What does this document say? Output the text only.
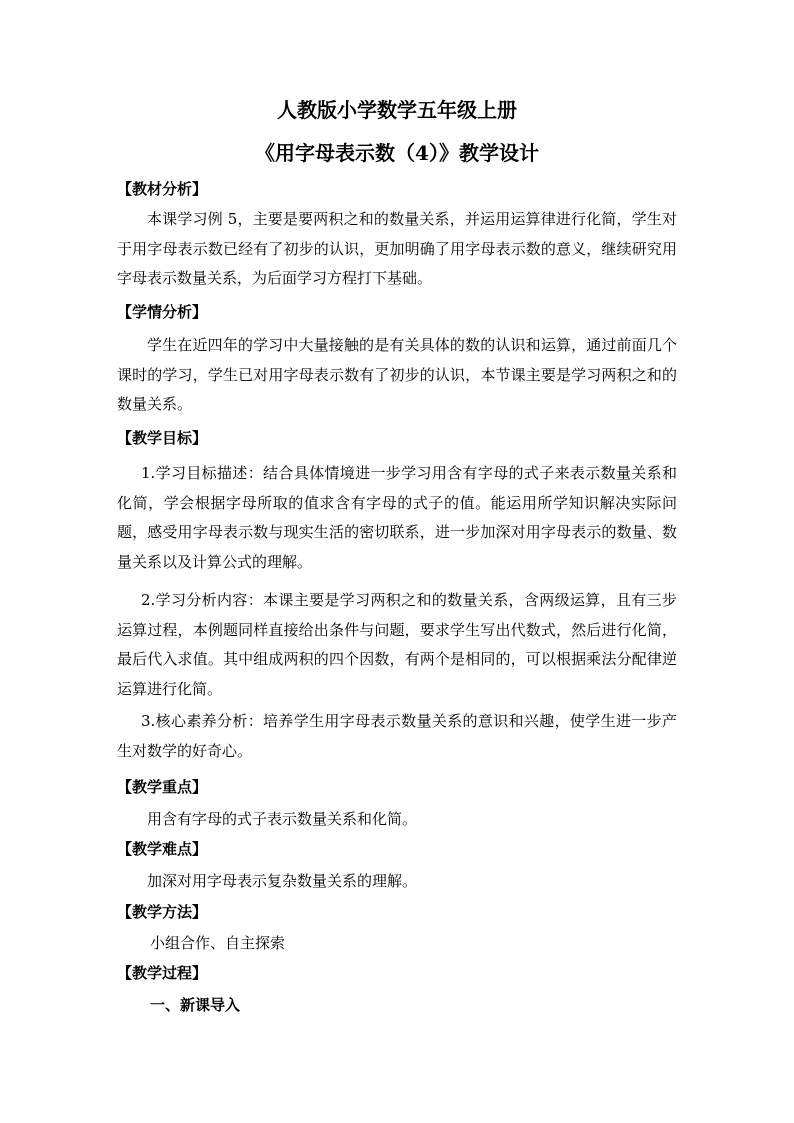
人教版小学数学五年级上册
《用字母表示数（4）》教学设计
【教材分析】

本课学习例 5，主要是要两积之和的数量关系，并运用运算律进行化简，学生对于用字母表示数已经有了初步的认识，更加明确了用字母表示数的意义，继续研究用字母表示数量关系，为后面学习方程打下基础。

【学情分析】

学生在近四年的学习中大量接触的是有关具体的数的认识和运算，通过前面几个课时的学习，学生已对用字母表示数有了初步的认识，本节课主要是学习两积之和的数量关系。

【教学目标】

1.学习目标描述：结合具体情境进一步学习用含有字母的式子来表示数量关系和化简，学会根据字母所取的值求含有字母的式子的值。能运用所学知识解决实际问题，感受用字母表示数与现实生活的密切联系，进一步加深对用字母表示的数量、数量关系以及计算公式的理解。

2.学习分析内容：本课主要是学习两积之和的数量关系，含两级运算，且有三步运算过程，本例题同样直接给出条件与问题，要求学生写出代数式，然后进行化简，最后代入求值。其中组成两积的四个因数，有两个是相同的，可以根据乘法分配律逆运算进行化简。

3.核心素养分析：培养学生用字母表示数量关系的意识和兴趣，使学生进一步产生对数学的好奇心。

【教学重点】
用含有字母的式子表示数量关系和化简。
【教学难点】
加深对用字母表示复杂数量关系的理解。
【教学方法】
小组合作、自主探索
【教学过程】
一、新课导入
